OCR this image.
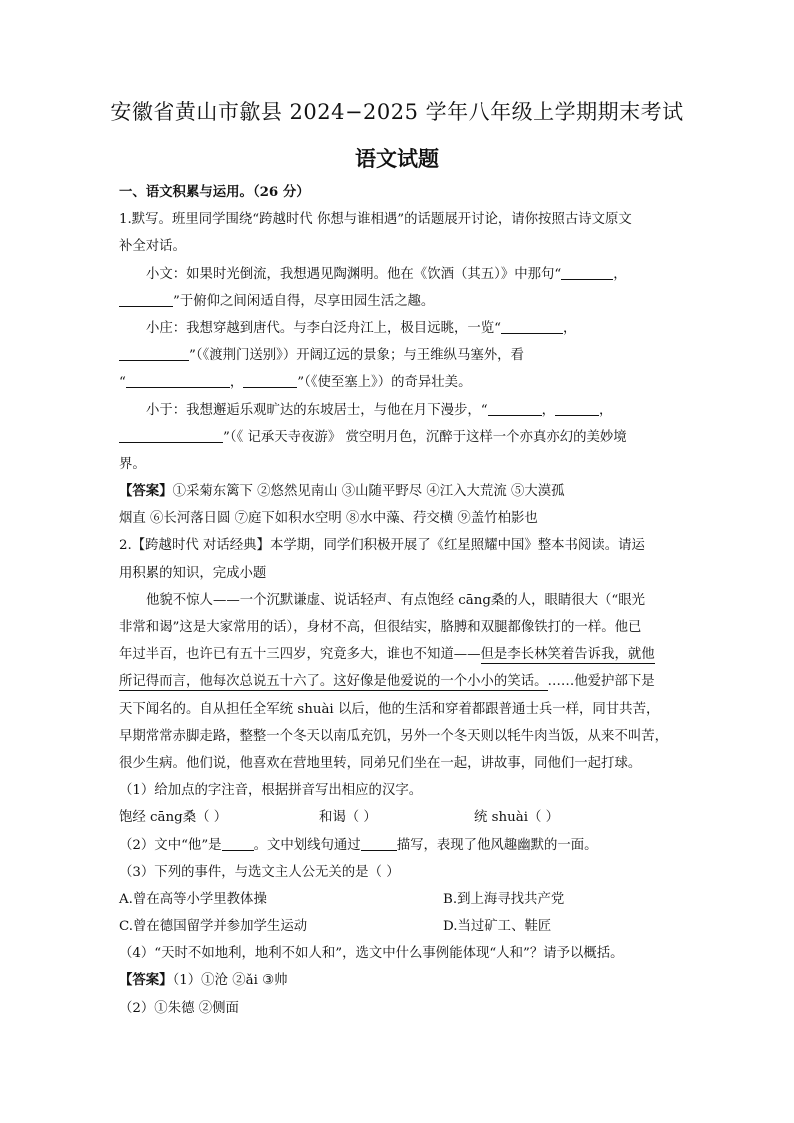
安徽省黄山市歙县 2024−2025 学年八年级上学期期末考试
语文试题
一、语文积累与运用。（26 分）
1.默写。班里同学围绕“跨越时代 你想与谁相遇”的话题展开讨论，请你按照古诗文原文
补全对话。
小文：如果时光倒流，我想遇见陶渊明。他在《饮酒（其五）》中那句“	，
”于俯仰之间闲适自得，尽享田园生活之趣。
小庄：我想穿越到唐代。与李白泛舟江上，极目远眺，一览“	，
”（《渡荆门送别》）开阔辽远的景象；与王维纵马塞外，看
“	，	”（《使至塞上》）的奇异壮美。
小于：我想邂逅乐观旷达的东坡居士，与他在月下漫步，“	，	，
”（《 记承天寺夜游》 赏空明月色，沉醉于这样一个亦真亦幻的美妙境
界。
【答案】①采菊东篱下 ②悠然见南山 ③山随平野尽 ④江入大荒流 ⑤大漠孤
烟直 ⑥长河落日圆 ⑦庭下如积水空明 ⑧水中藻、荇交横 ⑨盖竹柏影也
2.【跨越时代 对话经典】本学期，同学们积极开展了《红星照耀中国》整本书阅读。请运
用积累的知识，完成小题
他貌不惊人——一个沉默谦虚、说话轻声、有点饱经 cāng桑的人，眼睛很大（“眼光
非常和谒”这是大家常用的话），身材不高，但很结实，胳膊和双腿都像铁打的一样。他已
年过半百，也许已有五十三四岁，究竟多大，谁也不知道——但是李长林笑着告诉我，就他
所记得而言，他每次总说五十六了。这好像是他爱说的一个小小的笑话。……他爱护部下是
天下闻名的。自从担任全军统 shuài 以后，他的生活和穿着都跟普通士兵一样，同甘共苦，
早期常常赤脚走路，整整一个冬天以南瓜充饥，另外一个冬天则以牦牛肉当饭，从来不叫苦，
很少生病。他们说，他喜欢在营地里转，同弟兄们坐在一起，讲故事，同他们一起打球。
（1）给加点的字注音，根据拼音写出相应的汉字。
饱经 cāng桑（ ）	和谒（ ）	统 shuài（ ）
（2）文中“他”是 。文中划线句通过	描写，表现了他风趣幽默的一面。
（3）下列的事件，与选文主人公无关的是（ ）
A.曾在高等小学里教体操	B.到上海寻找共产党
C.曾在德国留学并参加学生运动	D.当过矿工、鞋匠
（4）“天时不如地利，地利不如人和”，选文中什么事例能体现“人和”？请予以概括。
【答案】（1）①沧 ②ǎi ③帅
（2）①朱德 ②侧面
